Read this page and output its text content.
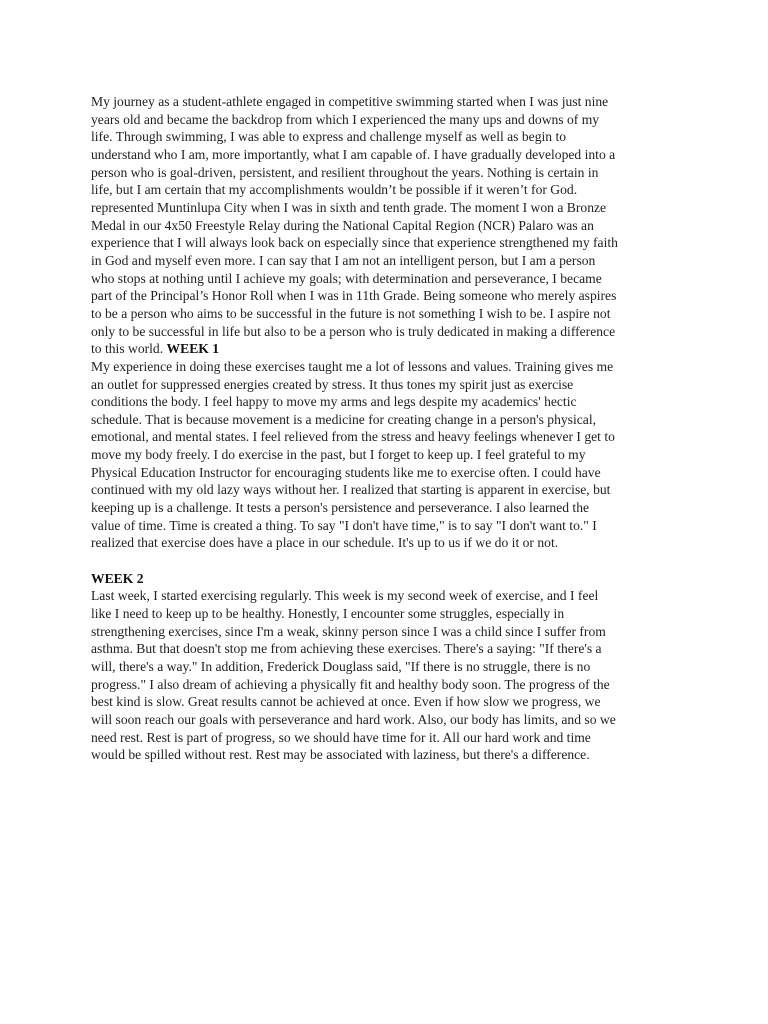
My journey as a student-athlete engaged in competitive swimming started when I was just nine
years old and became the backdrop from which I experienced the many ups and downs of my
life. Through swimming, I was able to express and challenge myself as well as begin to
understand who I am, more importantly, what I am capable of. I have gradually developed into a
person who is goal-driven, persistent, and resilient throughout the years. Nothing is certain in
life, but I am certain that my accomplishments wouldn’t be possible if it weren’t for God.
represented Muntinlupa City when I was in sixth and tenth grade. The moment I won a Bronze
Medal in our 4x50 Freestyle Relay during the National Capital Region (NCR) Palaro was an
experience that I will always look back on especially since that experience strengthened my faith
in God and myself even more. I can say that I am not an intelligent person, but I am a person
who stops at nothing until I achieve my goals; with determination and perseverance, I became
part of the Principal’s Honor Roll when I was in 11th Grade. Being someone who merely aspires
to be a person who aims to be successful in the future is not something I wish to be. I aspire not
only to be successful in life but also to be a person who is truly dedicated in making a difference
to this world. WEEK 1

My experience in doing these exercises taught me a lot of lessons and values. Training gives me
an outlet for suppressed energies created by stress. It thus tones my spirit just as exercise
conditions the body. I feel happy to move my arms and legs despite my academics' hectic
schedule. That is because movement is a medicine for creating change in a person's physical,
emotional, and mental states. I feel relieved from the stress and heavy feelings whenever I get to
move my body freely. I do exercise in the past, but I forget to keep up. I feel grateful to my
Physical Education Instructor for encouraging students like me to exercise often. I could have
continued with my old lazy ways without her. I realized that starting is apparent in exercise, but
keeping up is a challenge. It tests a person's persistence and perseverance. I also learned the
value of time. Time is created a thing. To say "I don't have time," is to say "I don't want to." I
realized that exercise does have a place in our schedule. It's up to us if we do it or not.

WEEK 2

Last week, I started exercising regularly. This week is my second week of exercise, and I feel
like I need to keep up to be healthy. Honestly, I encounter some struggles, especially in
strengthening exercises, since I'm a weak, skinny person since I was a child since I suffer from
asthma. But that doesn't stop me from achieving these exercises. There's a saying: "If there's a
will, there's a way." In addition, Frederick Douglass said, "If there is no struggle, there is no
progress." I also dream of achieving a physically fit and healthy body soon. The progress of the
best kind is slow. Great results cannot be achieved at once. Even if how slow we progress, we
will soon reach our goals with perseverance and hard work. Also, our body has limits, and so we
need rest. Rest is part of progress, so we should have time for it. All our hard work and time
would be spilled without rest. Rest may be associated with laziness, but there's a difference.
